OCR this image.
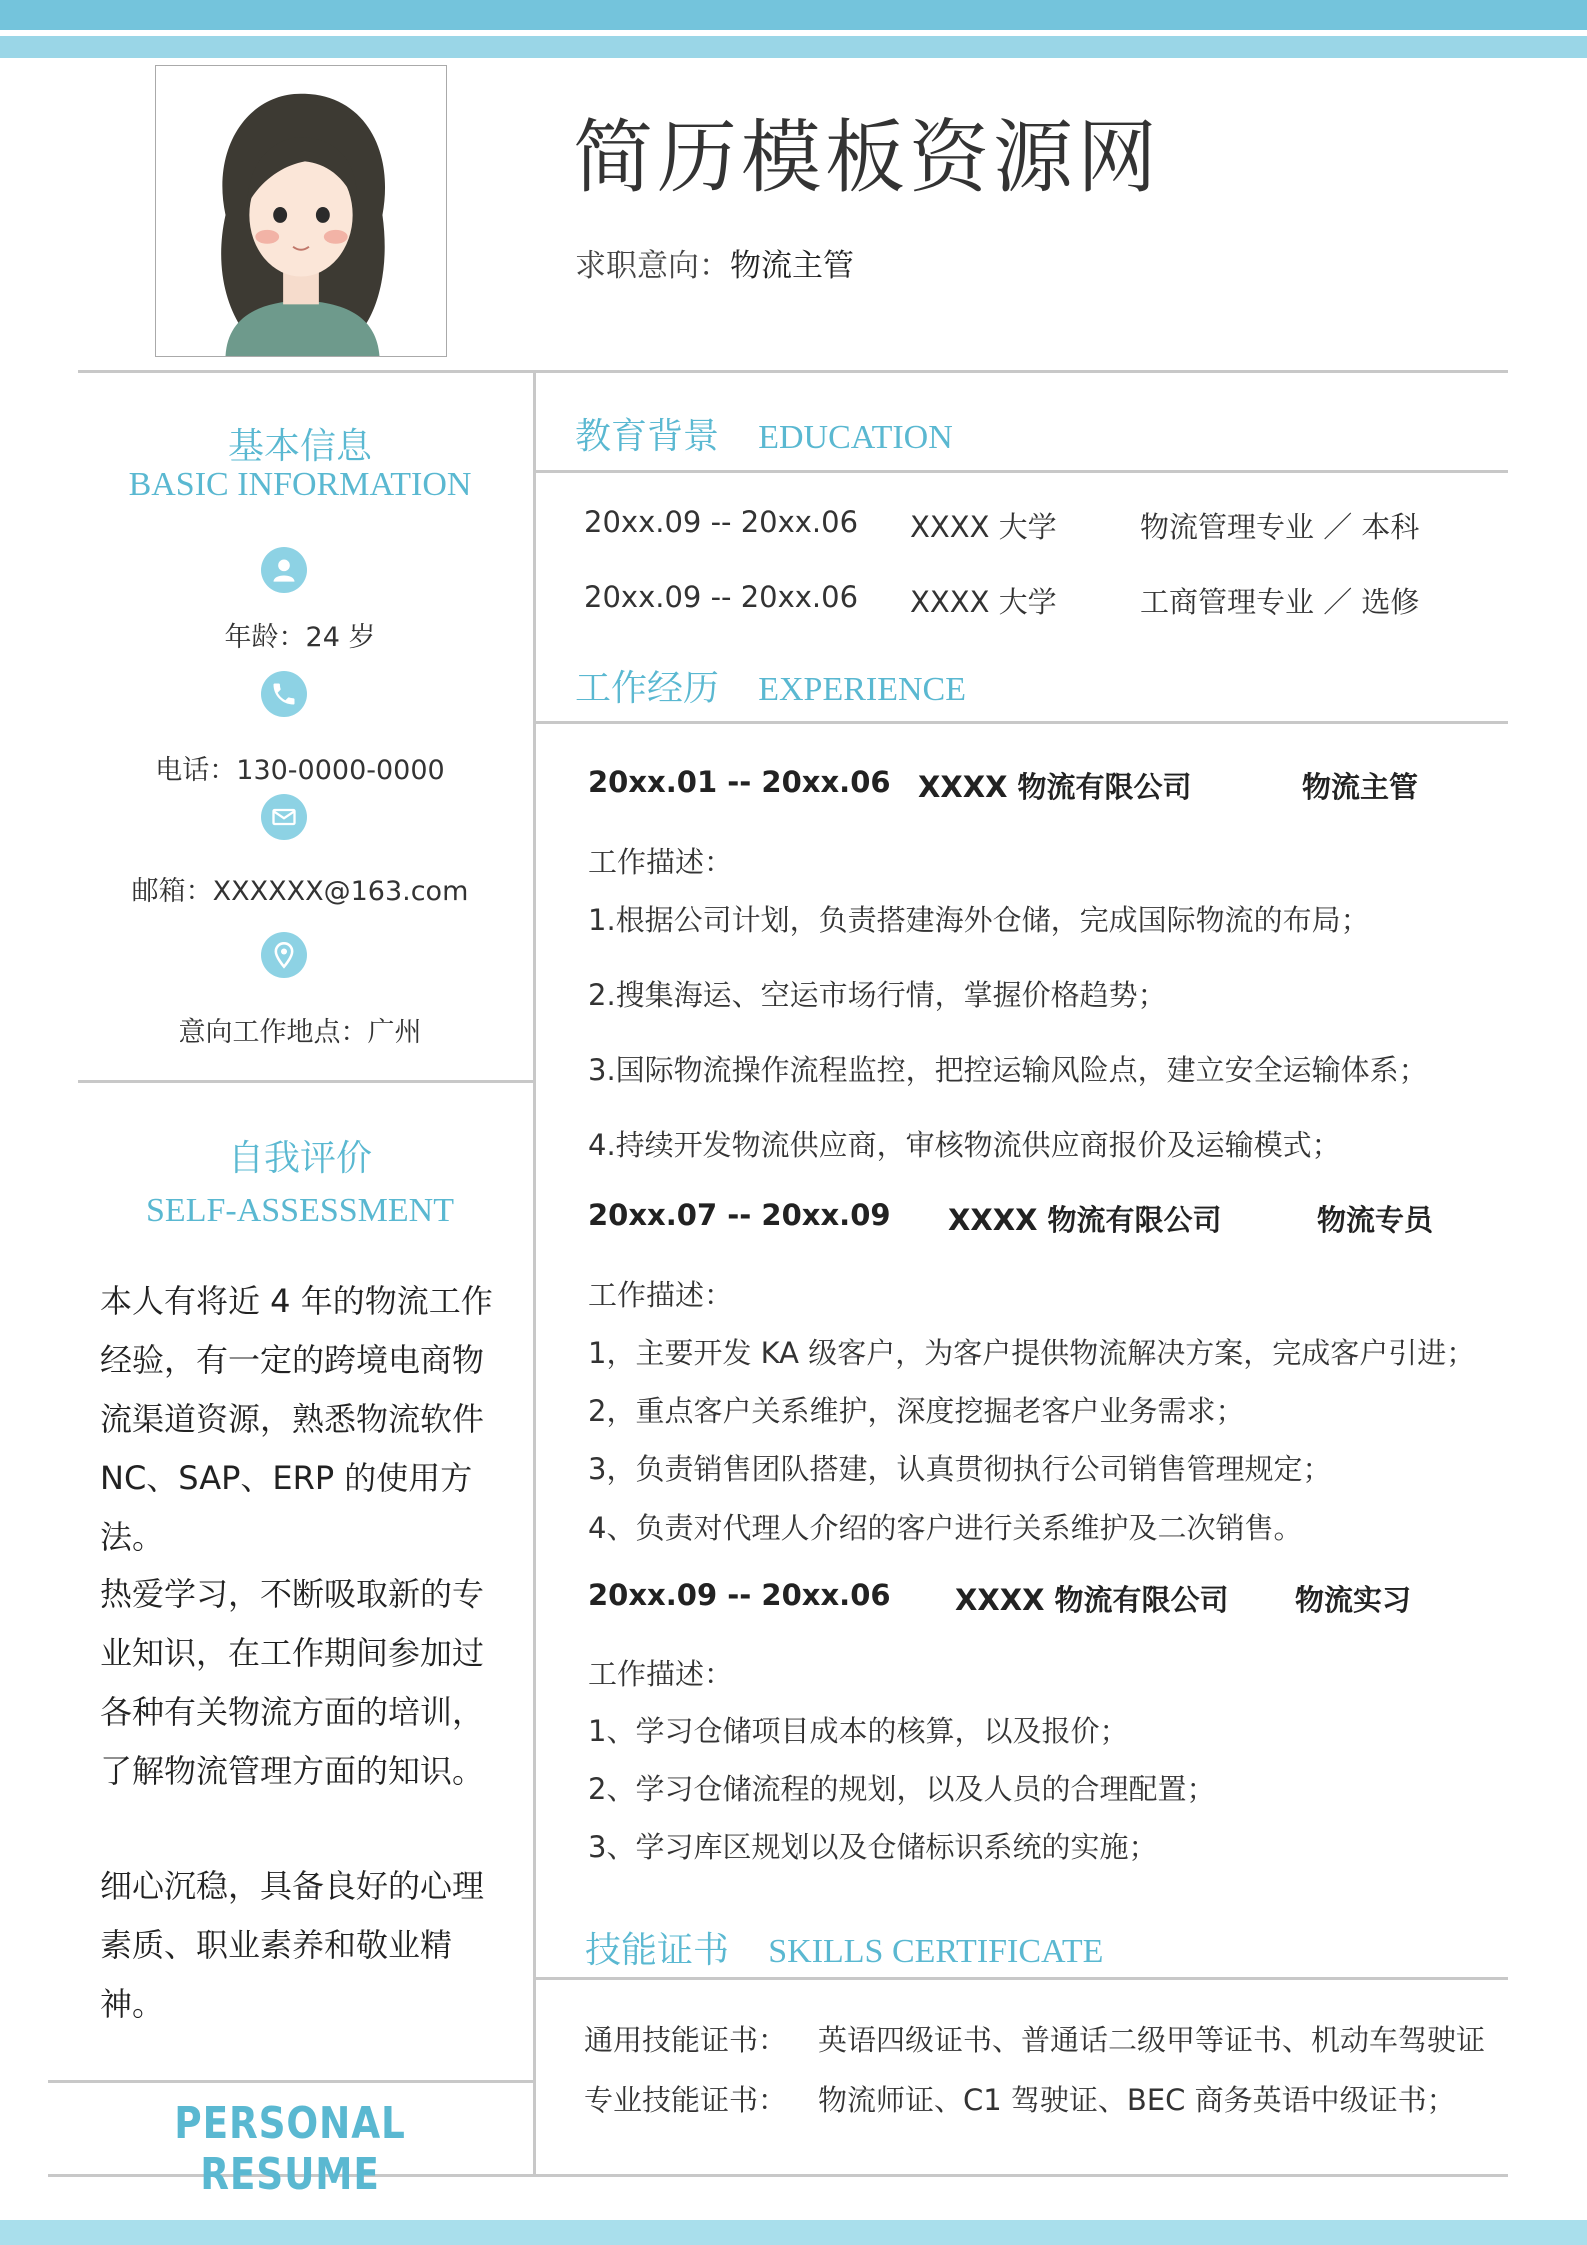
简历模板资源网
求职意向：物流主管
基本信息
BASIC INFORMATION
年龄：24 岁
电话：130-0000-0000
邮箱：XXXXXX@163.com
意向工作地点：广州
自我评价
SELF-ASSESSMENT
本人有将近 4 年的物流工作
经验，有一定的跨境电商物
流渠道资源，熟悉物流软件
NC、SAP、ERP 的使用方法。
热爱学习，不断吸取新的专
业知识，在工作期间参加过
各种有关物流方面的培训，
了解物流管理方面的知识。
细心沉稳，具备良好的心理
素质、职业素养和敬业精神。
PERSONAL RESUME
教育背景 EDUCATION
20xx.09 -- 20xx.06 XXXX 大学	物流管理专业 ／ 本科
20xx.09 -- 20xx.06 XXXX 大学	工商管理专业 ／ 选修
工作经历 EXPERIENCE
20xx.01 -- 20xx.06 XXXX 物流有限公司	物流主管
工作描述：
1.根据公司计划，负责搭建海外仓储，完成国际物流的布局；
2.搜集海运、空运市场行情，掌握价格趋势；
3.国际物流操作流程监控，把控运输风险点，建立安全运输体系；
4.持续开发物流供应商，审核物流供应商报价及运输模式；
20xx.07 -- 20xx.09 XXXX 物流有限公司	物流专员
工作描述：
1，主要开发 KA 级客户，为客户提供物流解决方案，完成客户引进；
2，重点客户关系维护，深度挖掘老客户业务需求；
3，负责销售团队搭建，认真贯彻执行公司销售管理规定；
4、负责对代理人介绍的客户进行关系维护及二次销售。
20xx.09 -- 20xx.06 XXXX 物流有限公司 物流实习
工作描述：
1、学习仓储项目成本的核算，以及报价；
2、学习仓储流程的规划，以及人员的合理配置；
3、学习库区规划以及仓储标识系统的实施；
技能证书 SKILLS CERTIFICATE
通用技能证书： 英语四级证书、普通话二级甲等证书、机动车驾驶证
专业技能证书： 物流师证、C1 驾驶证、BEC 商务英语中级证书；
